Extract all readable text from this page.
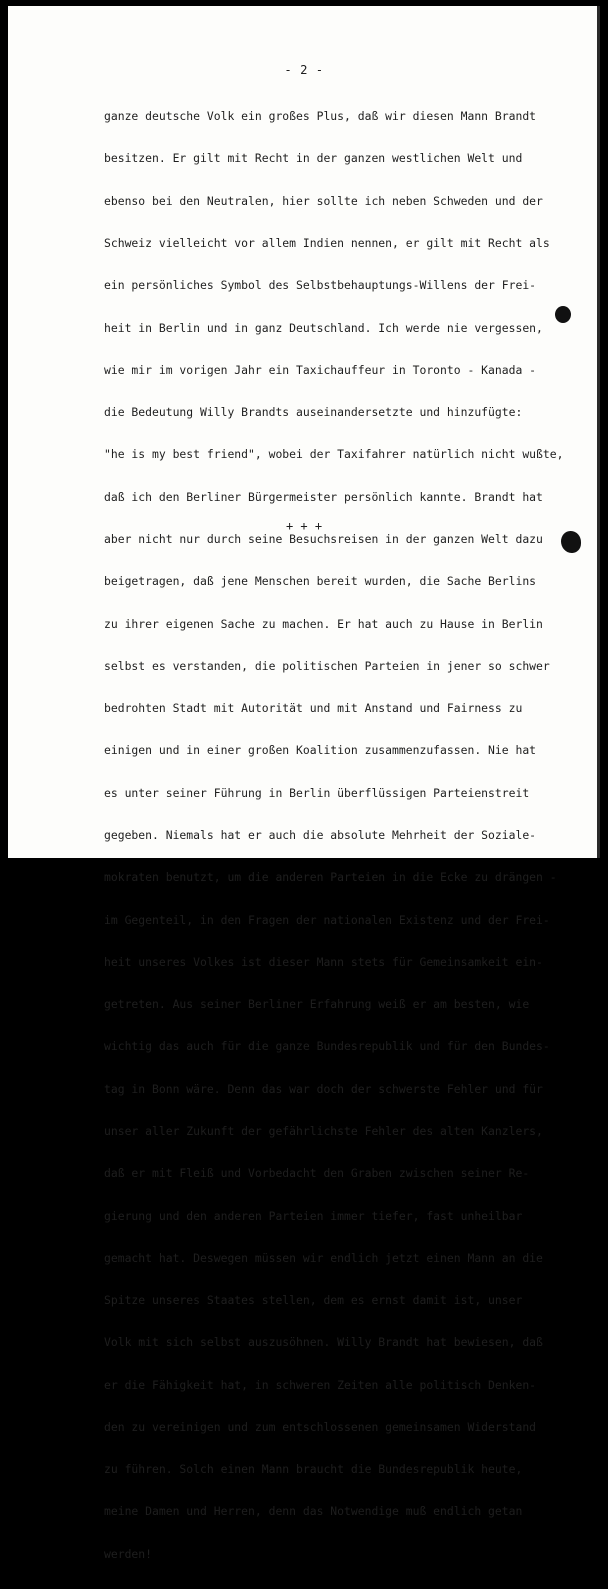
- 2 -

ganze deutsche Volk ein großes Plus, daß wir diesen Mann Brandt

besitzen. Er gilt mit Recht in der ganzen westlichen Welt und

ebenso bei den Neutralen, hier sollte ich neben Schweden und der

Schweiz vielleicht vor allem Indien nennen, er gilt mit Recht als

ein persönliches Symbol des Selbstbehauptungs-Willens der Frei-

heit in Berlin und in ganz Deutschland. Ich werde nie vergessen,

wie mir im vorigen Jahr ein Taxichauffeur in Toronto - Kanada -

die Bedeutung Willy Brandts auseinandersetzte und hinzufügte:

"he is my best friend", wobei der Taxifahrer natürlich nicht wußte,

daß ich den Berliner Bürgermeister persönlich kannte. Brandt hat

aber nicht nur durch seine Besuchsreisen in der ganzen Welt dazu

beigetragen, daß jene Menschen bereit wurden, die Sache Berlins

zu ihrer eigenen Sache zu machen. Er hat auch zu Hause in Berlin

selbst es verstanden, die politischen Parteien in jener so schwer

bedrohten Stadt mit Autorität und mit Anstand und Fairness zu

einigen und in einer großen Koalition zusammenzufassen. Nie hat

es unter seiner Führung in Berlin überflüssigen Parteienstreit

gegeben. Niemals hat er auch die absolute Mehrheit der Soziale-

mokraten benutzt, um die anderen Parteien in die Ecke zu drängen -

im Gegenteil, in den Fragen der nationalen Existenz und der Frei-

heit unseres Volkes ist dieser Mann stets für Gemeinsamkeit ein-

getreten. Aus seiner Berliner Erfahrung weiß er am besten, wie

wichtig das auch für die ganze Bundesrepublik und für den Bundes-

tag in Bonn wäre. Denn das war doch der schwerste Fehler und für

unser aller Zukunft der gefährlichste Fehler des alten Kanzlers,

daß er mit Fleiß und Vorbedacht den Graben zwischen seiner Re-

gierung und den anderen Parteien immer tiefer, fast unheilbar

gemacht hat. Deswegen müssen wir endlich jetzt einen Mann an die

Spitze unseres Staates stellen, dem es ernst damit ist, unser

Volk mit sich selbst auszusöhnen. Willy Brandt hat bewiesen, daß

er die Fähigkeit hat, in schweren Zeiten alle politisch Denken-

den zu vereinigen und zum entschlossenen gemeinsamen Widerstand

zu führen. Solch einen Mann braucht die Bundesrepublik heute,

meine Damen und Herren, denn das Notwendige muß endlich getan

werden!

+ + +
